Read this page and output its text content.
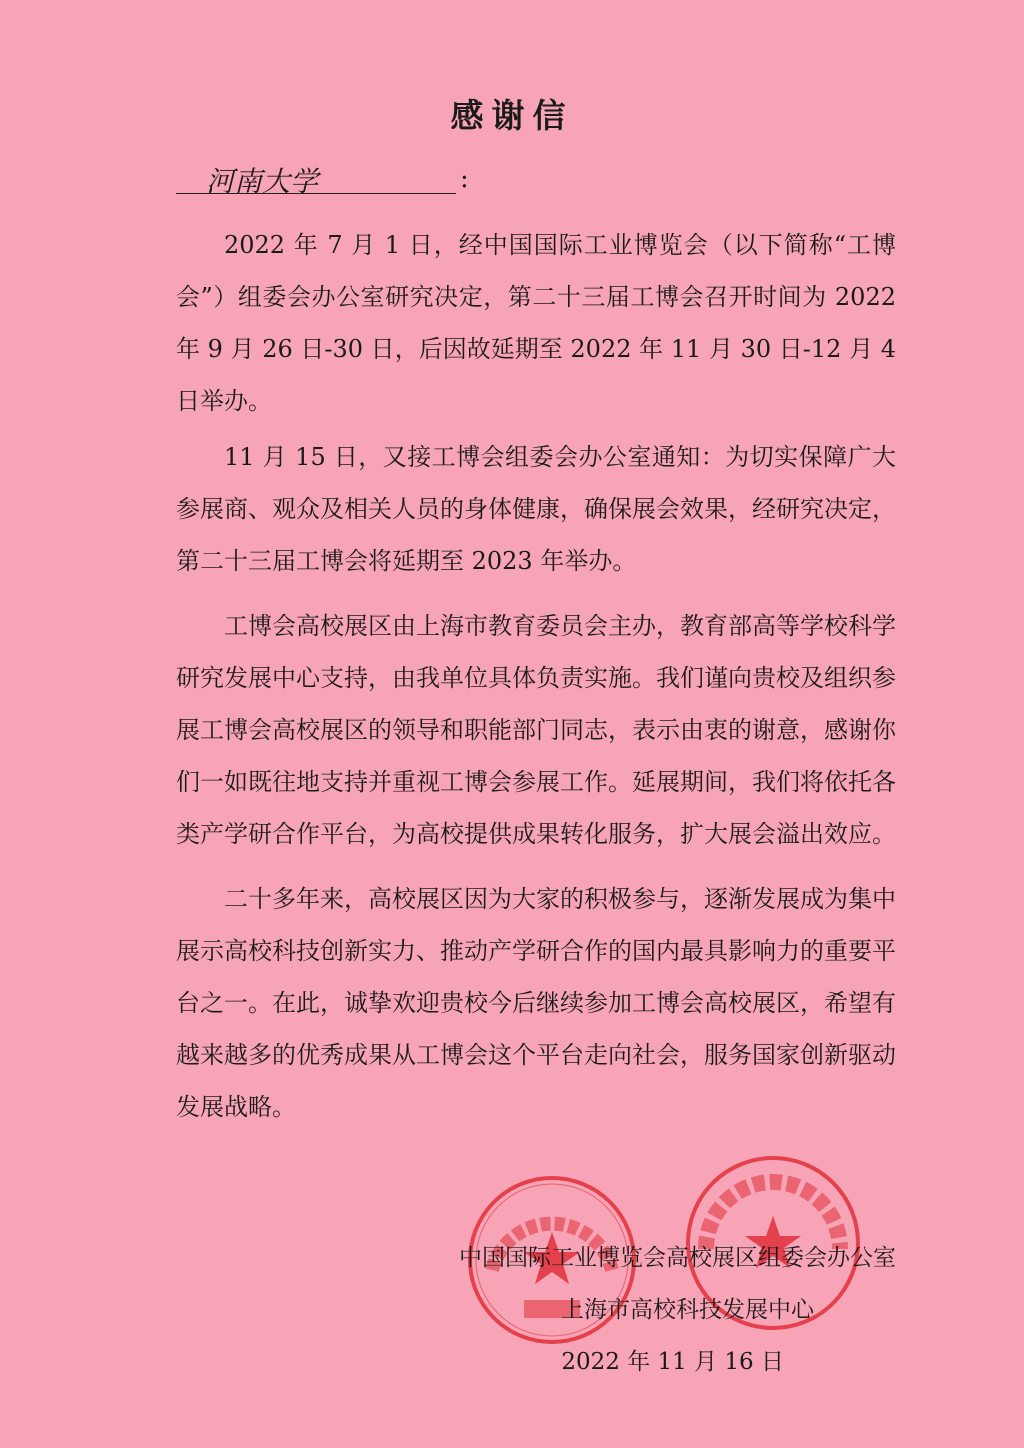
感谢信
河南大学	:

2022 年 7 月 1 日，经中国国际工业博览会（以下简称“工博会”）组委会办公室研究决定，第二十三届工博会召开时间为 2022 年 9 月 26 日-30 日，后因故延期至 2022 年 11 月 30 日-12 月 4 日举办。

11 月 15 日，又接工博会组委会办公室通知：为切实保障广大参展商、观众及相关人员的身体健康，确保展会效果，经研究决定，第二十三届工博会将延期至 2023 年举办。

工博会高校展区由上海市教育委员会主办，教育部高等学校科学研究发展中心支持，由我单位具体负责实施。我们谨向贵校及组织参展工博会高校展区的领导和职能部门同志，表示由衷的谢意，感谢你们一如既往地支持并重视工博会参展工作。延展期间，我们将依托各类产学研合作平台，为高校提供成果转化服务，扩大展会溢出效应。

二十多年来，高校展区因为大家的积极参与，逐渐发展成为集中展示高校科技创新实力、推动产学研合作的国内最具影响力的重要平台之一。在此，诚挚欢迎贵校今后继续参加工博会高校展区，希望有越来越多的优秀成果从工博会这个平台走向社会，服务国家创新驱动发展战略。

中国国际工业博览会高校展区组委会办公室
上海市高校科技发展中心
2022 年 11 月 16 日
